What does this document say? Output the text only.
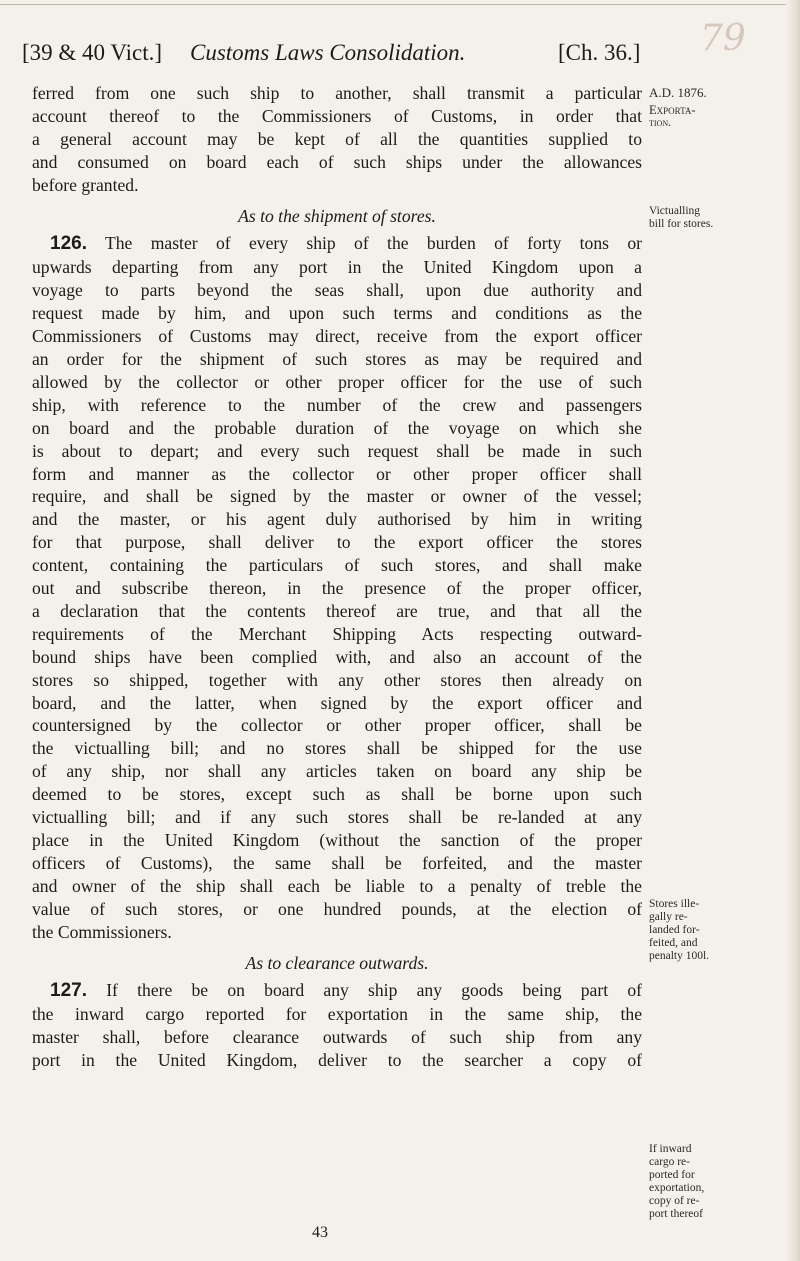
79
[39 & 40 Vict.] Customs Laws Consolidation.	[Ch. 36.]
ferred from one such ship to another, shall transmit a particular
account thereof to the Commissioners of Customs, in order that
a general account may be kept of all the quantities supplied to
and consumed on board each of such ships under the allowances
before granted.
As to the shipment of stores.
126. The master of every ship of the burden of forty tons or
upwards departing from any port in the United Kingdom upon a
voyage to parts beyond the seas shall, upon due authority and
request made by him, and upon such terms and conditions as the
Commissioners of Customs may direct, receive from the export officer
an order for the shipment of such stores as may be required and
allowed by the collector or other proper officer for the use of such
ship, with reference to the number of the crew and passengers
on board and the probable duration of the voyage on which she
is about to depart; and every such request shall be made in such
form and manner as the collector or other proper officer shall
require, and shall be signed by the master or owner of the vessel;
and the master, or his agent duly authorised by him in writing
for that purpose, shall deliver to the export officer the stores
content, containing the particulars of such stores, and shall make
out and subscribe thereon, in the presence of the proper officer,
a declaration that the contents thereof are true, and that all the
requirements of the Merchant Shipping Acts respecting outward-
bound ships have been complied with, and also an account of the
stores so shipped, together with any other stores then already on
board, and the latter, when signed by the export officer and
countersigned by the collector or other proper officer, shall be
the victualling bill; and no stores shall be shipped for the use
of any ship, nor shall any articles taken on board any ship be
deemed to be stores, except such as shall be borne upon such
victualling bill; and if any such stores shall be re-landed at any
place in the United Kingdom (without the sanction of the proper
officers of Customs), the same shall be forfeited, and the master
and owner of the ship shall each be liable to a penalty of treble the
value of such stores, or one hundred pounds, at the election of
the Commissioners.
As to clearance outwards.
127. If there be on board any ship any goods being part of
the inward cargo reported for exportation in the same ship, the
master shall, before clearance outwards of such ship from any
port in the United Kingdom, deliver to the searcher a copy of
A.D. 1876.
Exporta-
tion.
Victualling
bill for stores.
Stores ille-
gally re-
landed for-
feited, and
penalty 100l.
If inward
cargo re-
ported for
exportation,
copy of re-
port thereof
43
